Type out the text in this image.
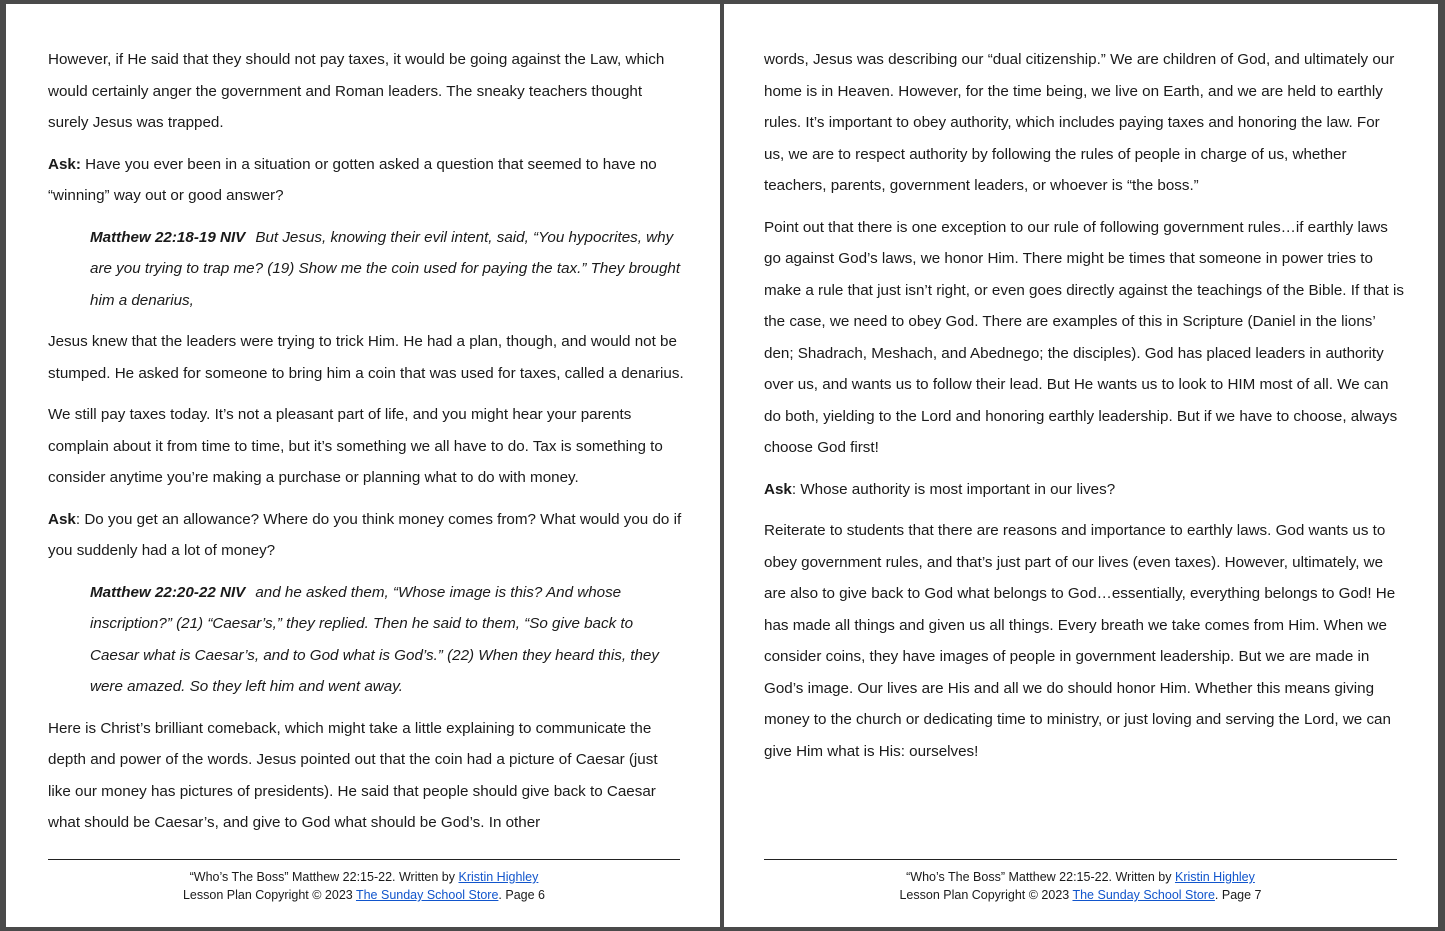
However, if He said that they should not pay taxes, it would be going against the Law, which would certainly anger the government and Roman leaders. The sneaky teachers thought surely Jesus was trapped.

Ask: Have you ever been in a situation or gotten asked a question that seemed to have no “winning” way out or good answer?

Matthew 22:18-19 NIV But Jesus, knowing their evil intent, said, “You hypocrites, why are you trying to trap me? (19) Show me the coin used for paying the tax.” They brought him a denarius,

Jesus knew that the leaders were trying to trick Him. He had a plan, though, and would not be stumped. He asked for someone to bring him a coin that was used for taxes, called a denarius.

We still pay taxes today. It’s not a pleasant part of life, and you might hear your parents complain about it from time to time, but it’s something we all have to do. Tax is something to consider anytime you’re making a purchase or planning what to do with money.

Ask: Do you get an allowance? Where do you think money comes from? What would you do if you suddenly had a lot of money?

Matthew 22:20-22 NIV and he asked them, “Whose image is this? And whose inscription?” (21) “Caesar’s,” they replied. Then he said to them, “So give back to Caesar what is Caesar’s, and to God what is God’s.” (22) When they heard this, they were amazed. So they left him and went away.

Here is Christ’s brilliant comeback, which might take a little explaining to communicate the depth and power of the words. Jesus pointed out that the coin had a picture of Caesar (just like our money has pictures of presidents). He said that people should give back to Caesar what should be Caesar’s, and give to God what should be God’s. In other

“Who’s The Boss” Matthew 22:15-22. Written by Kristin Highley
Lesson Plan Copyright © 2023 The Sunday School Store. Page 6

words, Jesus was describing our “dual citizenship.” We are children of God, and ultimately our home is in Heaven. However, for the time being, we live on Earth, and we are held to earthly rules. It’s important to obey authority, which includes paying taxes and honoring the law. For us, we are to respect authority by following the rules of people in charge of us, whether teachers, parents, government leaders, or whoever is “the boss.”

Point out that there is one exception to our rule of following government rules…if earthly laws go against God’s laws, we honor Him. There might be times that someone in power tries to make a rule that just isn’t right, or even goes directly against the teachings of the Bible. If that is the case, we need to obey God. There are examples of this in Scripture (Daniel in the lions’ den; Shadrach, Meshach, and Abednego; the disciples). God has placed leaders in authority over us, and wants us to follow their lead. But He wants us to look to HIM most of all. We can do both, yielding to the Lord and honoring earthly leadership. But if we have to choose, always choose God first!

Ask: Whose authority is most important in our lives?

Reiterate to students that there are reasons and importance to earthly laws. God wants us to obey government rules, and that’s just part of our lives (even taxes). However, ultimately, we are also to give back to God what belongs to God…essentially, everything belongs to God! He has made all things and given us all things. Every breath we take comes from Him. When we consider coins, they have images of people in government leadership. But we are made in God’s image. Our lives are His and all we do should honor Him. Whether this means giving money to the church or dedicating time to ministry, or just loving and serving the Lord, we can give Him what is His: ourselves!

“Who’s The Boss” Matthew 22:15-22. Written by Kristin Highley
Lesson Plan Copyright © 2023 The Sunday School Store. Page 7
